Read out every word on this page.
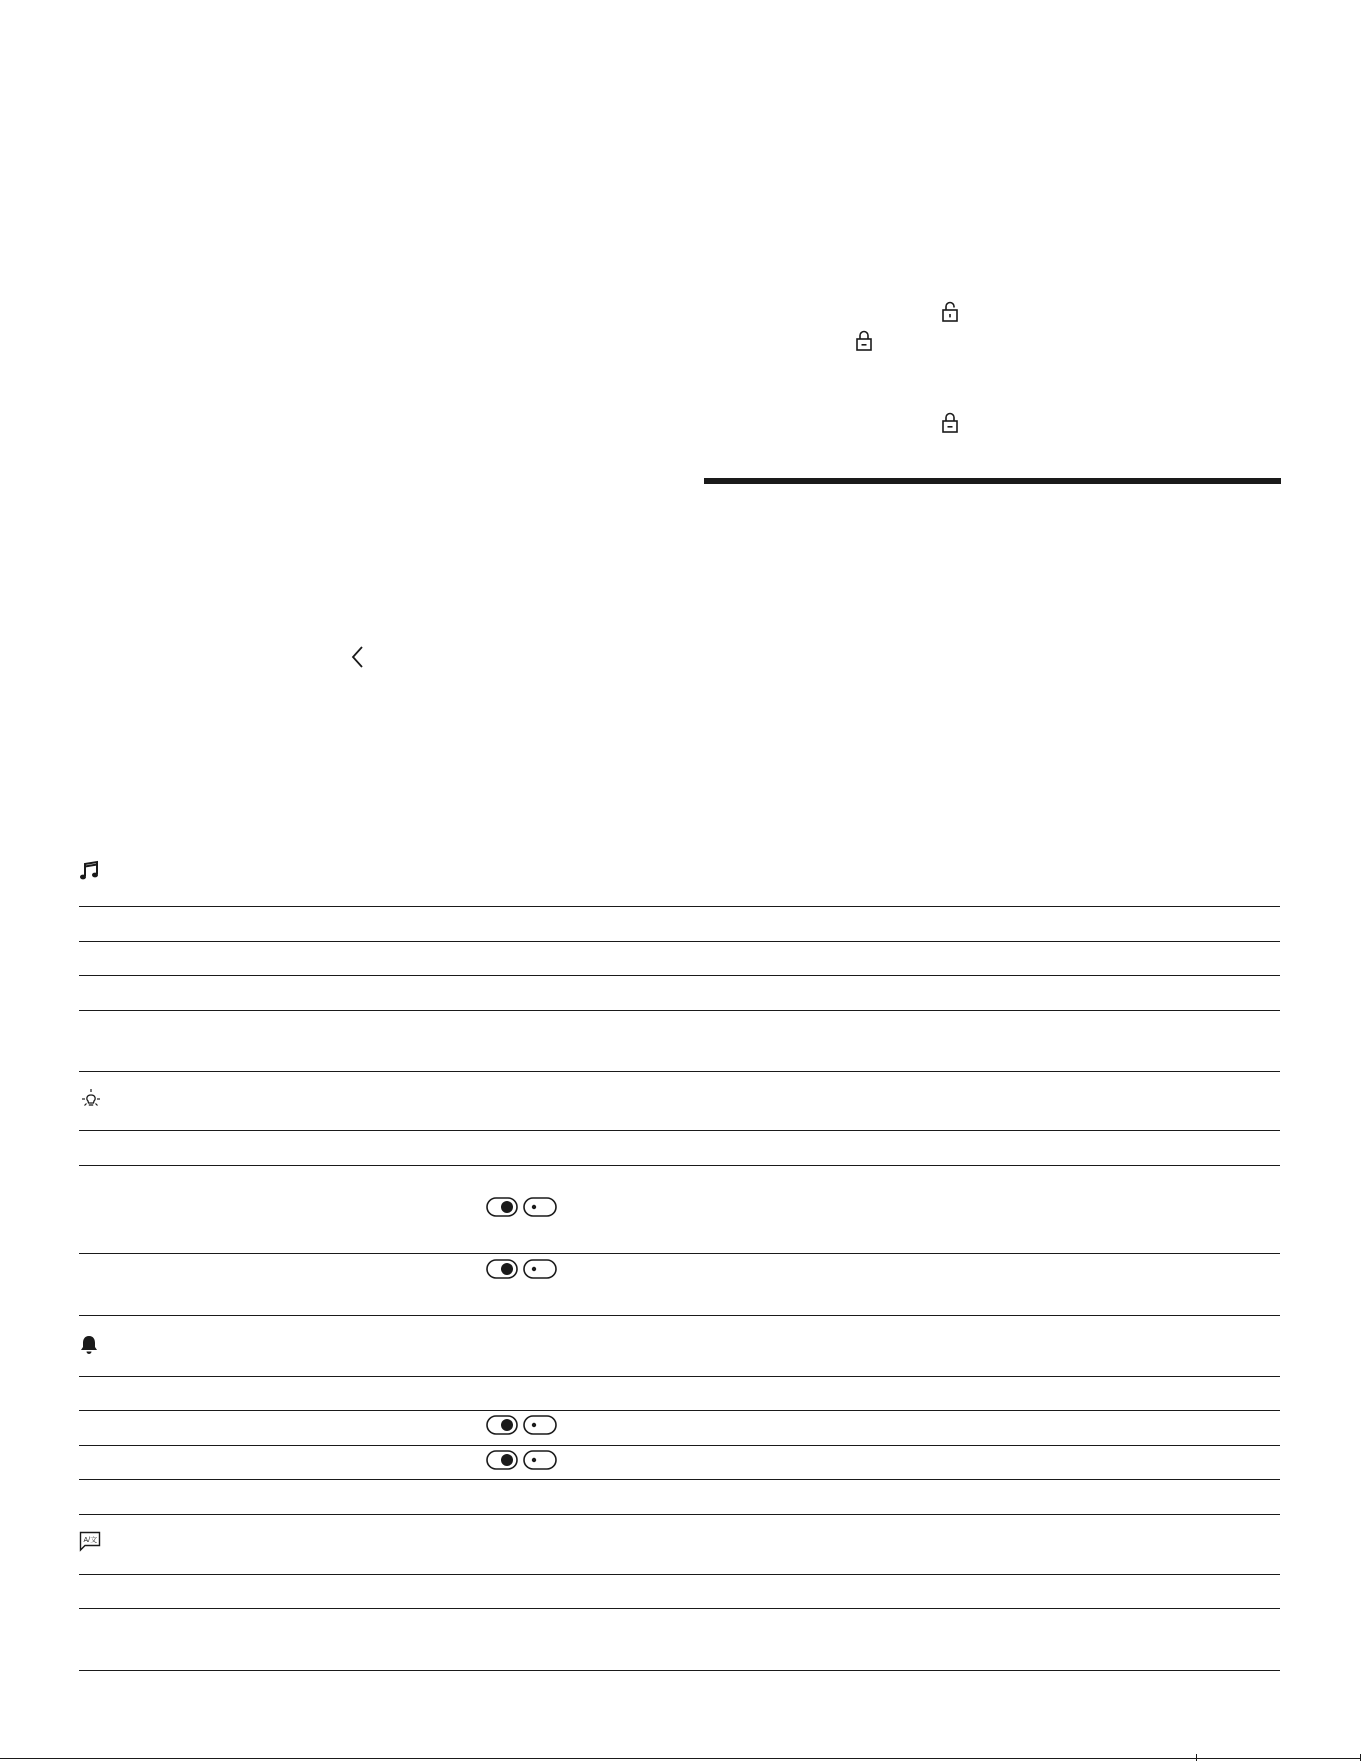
A/文
